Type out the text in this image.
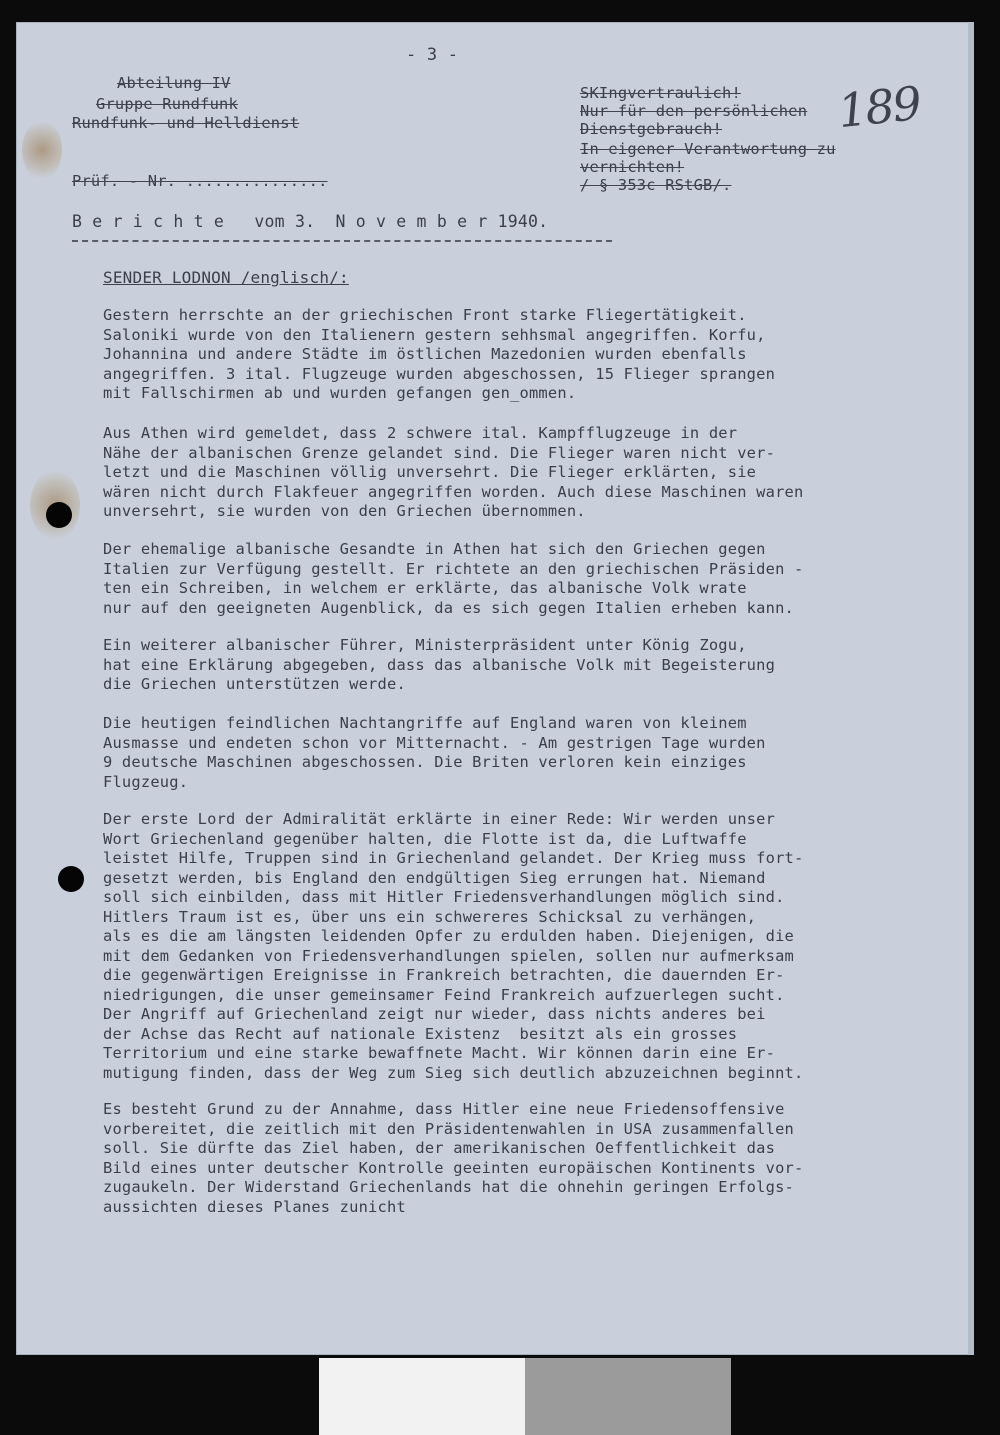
- 3 -
Abteilung IV
Gruppe Rundfunk
Rundfunk- und Helldienst
Prüf. - Nr. ...............
SKIngvertraulich!
Nur für den persönlichen
Dienstgebrauch!
In eigener Verantwortung zu
vernichten!
/ § 353c RStGB/.
189
B e r i c h t e   vom 3.  N o v e m b e r 1940.
SENDER LODNON /englisch/:
Gestern herrschte an der griechischen Front starke Fliegertätigkeit.
Saloniki wurde von den Italienern gestern sehhsmal angegriffen. Korfu,
Johannina und andere Städte im östlichen Mazedonien wurden ebenfalls
angegriffen. 3 ital. Flugzeuge wurden abgeschossen, 15 Flieger sprangen
mit Fallschirmen ab und wurden gefangen gen_ommen.
Aus Athen wird gemeldet, dass 2 schwere ital. Kampfflugzeuge in der
Nähe der albanischen Grenze gelandet sind. Die Flieger waren nicht ver-
letzt und die Maschinen völlig unversehrt. Die Flieger erklärten, sie
wären nicht durch Flakfeuer angegriffen worden. Auch diese Maschinen waren
unversehrt, sie wurden von den Griechen übernommen.
Der ehemalige albanische Gesandte in Athen hat sich den Griechen gegen
Italien zur Verfügung gestellt. Er richtete an den griechischen Präsiden -
ten ein Schreiben, in welchem er erklärte, das albanische Volk wrate
nur auf den geeigneten Augenblick, da es sich gegen Italien erheben kann.
Ein weiterer albanischer Führer, Ministerpräsident unter König Zogu,
hat eine Erklärung abgegeben, dass das albanische Volk mit Begeisterung
die Griechen unterstützen werde.
Die heutigen feindlichen Nachtangriffe auf England waren von kleinem
Ausmasse und endeten schon vor Mitternacht. - Am gestrigen Tage wurden
9 deutsche Maschinen abgeschossen. Die Briten verloren kein einziges
Flugzeug.
Der erste Lord der Admiralität erklärte in einer Rede: Wir werden unser
Wort Griechenland gegenüber halten, die Flotte ist da, die Luftwaffe
leistet Hilfe, Truppen sind in Griechenland gelandet. Der Krieg muss fort-
gesetzt werden, bis England den endgültigen Sieg errungen hat. Niemand
soll sich einbilden, dass mit Hitler Friedensverhandlungen möglich sind.
Hitlers Traum ist es, über uns ein schwereres Schicksal zu verhängen,
als es die am längsten leidenden Opfer zu erdulden haben. Diejenigen, die
mit dem Gedanken von Friedensverhandlungen spielen, sollen nur aufmerksam
die gegenwärtigen Ereignisse in Frankreich betrachten, die dauernden Er-
niedrigungen, die unser gemeinsamer Feind Frankreich aufzuerlegen sucht.
Der Angriff auf Griechenland zeigt nur wieder, dass nichts anderes bei
der Achse das Recht auf nationale Existenz  besitzt als ein grosses
Territorium und eine starke bewaffnete Macht. Wir können darin eine Er-
mutigung finden, dass der Weg zum Sieg sich deutlich abzuzeichnen beginnt.
Es besteht Grund zu der Annahme, dass Hitler eine neue Friedensoffensive
vorbereitet, die zeitlich mit den Präsidentenwahlen in USA zusammenfallen
soll. Sie dürfte das Ziel haben, der amerikanischen Oeffentlichkeit das
Bild eines unter deutscher Kontrolle geeinten europäischen Kontinents vor-
zugaukeln. Der Widerstand Griechenlands hat die ohnehin geringen Erfolgs-
aussichten dieses Planes zunicht
